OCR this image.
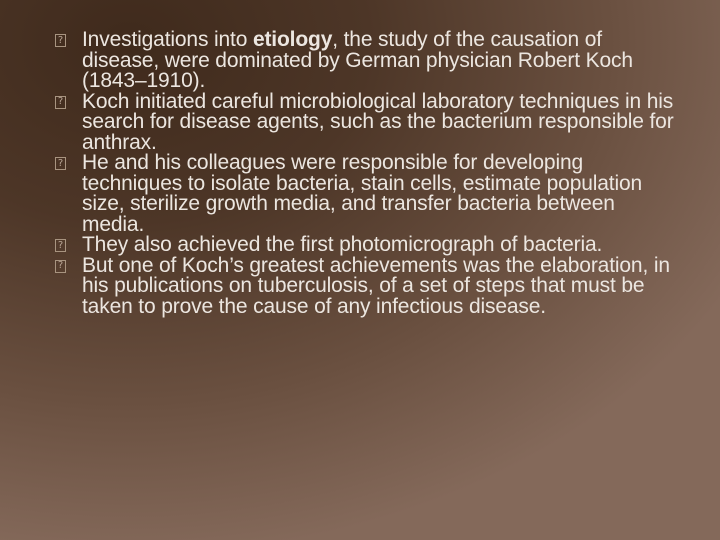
? Investigations into etiology, the study of the causation of disease, were dominated by German physician Robert Koch (1843–1910).
? Koch initiated careful microbiological laboratory techniques in his search for disease agents, such as the bacterium responsible for anthrax.
? He and his colleagues were responsible for developing techniques to isolate bacteria, stain cells, estimate population size, sterilize growth media, and transfer bacteria between media.
? They also achieved the first photomicrograph of bacteria.
? But one of Koch’s greatest achievements was the elaboration, in his publications on tuberculosis, of a set of steps that must be taken to prove the cause of any infectious disease.
